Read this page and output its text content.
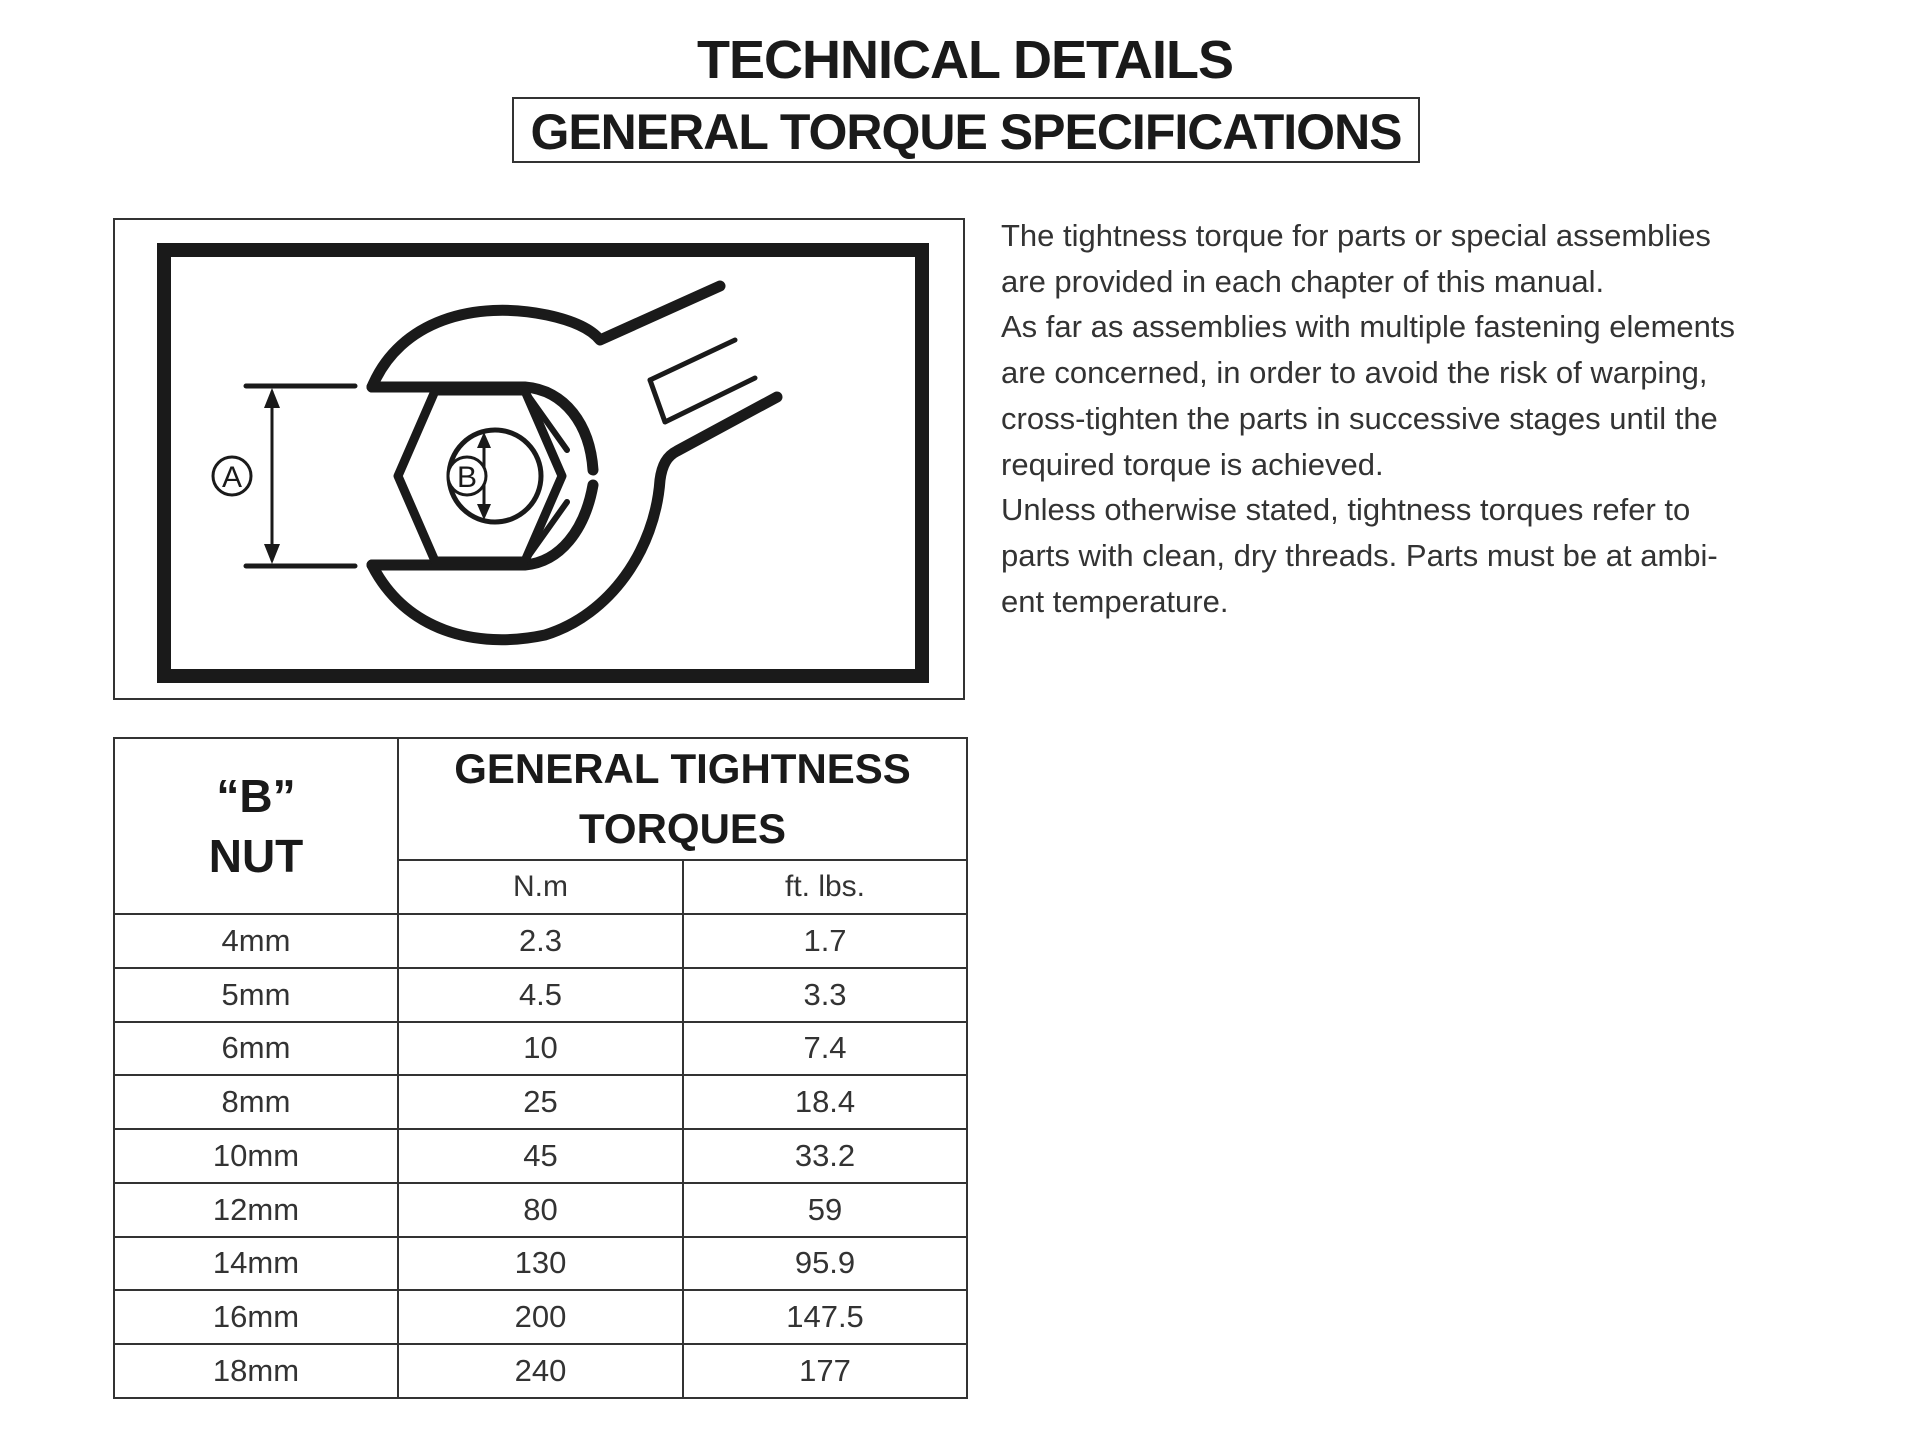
TECHNICAL DETAILS
GENERAL TORQUE SPECIFICATIONS
A	B

The tightness torque for parts or special assemblies

are provided in each chapter of this manual.

As far as assemblies with multiple fastening elements

are concerned, in order to avoid the risk of warping,

cross-tighten the parts in successive stages until the

required torque is achieved.

Unless otherwise stated, tightness torques refer to

parts with clean, dry threads. Parts must be at ambi-

ent temperature.

“B”
NUT

GENERAL TIGHTNESS
TORQUES

	N.m	ft. lbs.
4mm	2.3	1.7
5mm	4.5	3.3
6mm	10	7.4
8mm	25	18.4
10mm	45	33.2
12mm	80	59
14mm	130	95.9
16mm	200	147.5
18mm	240	177
